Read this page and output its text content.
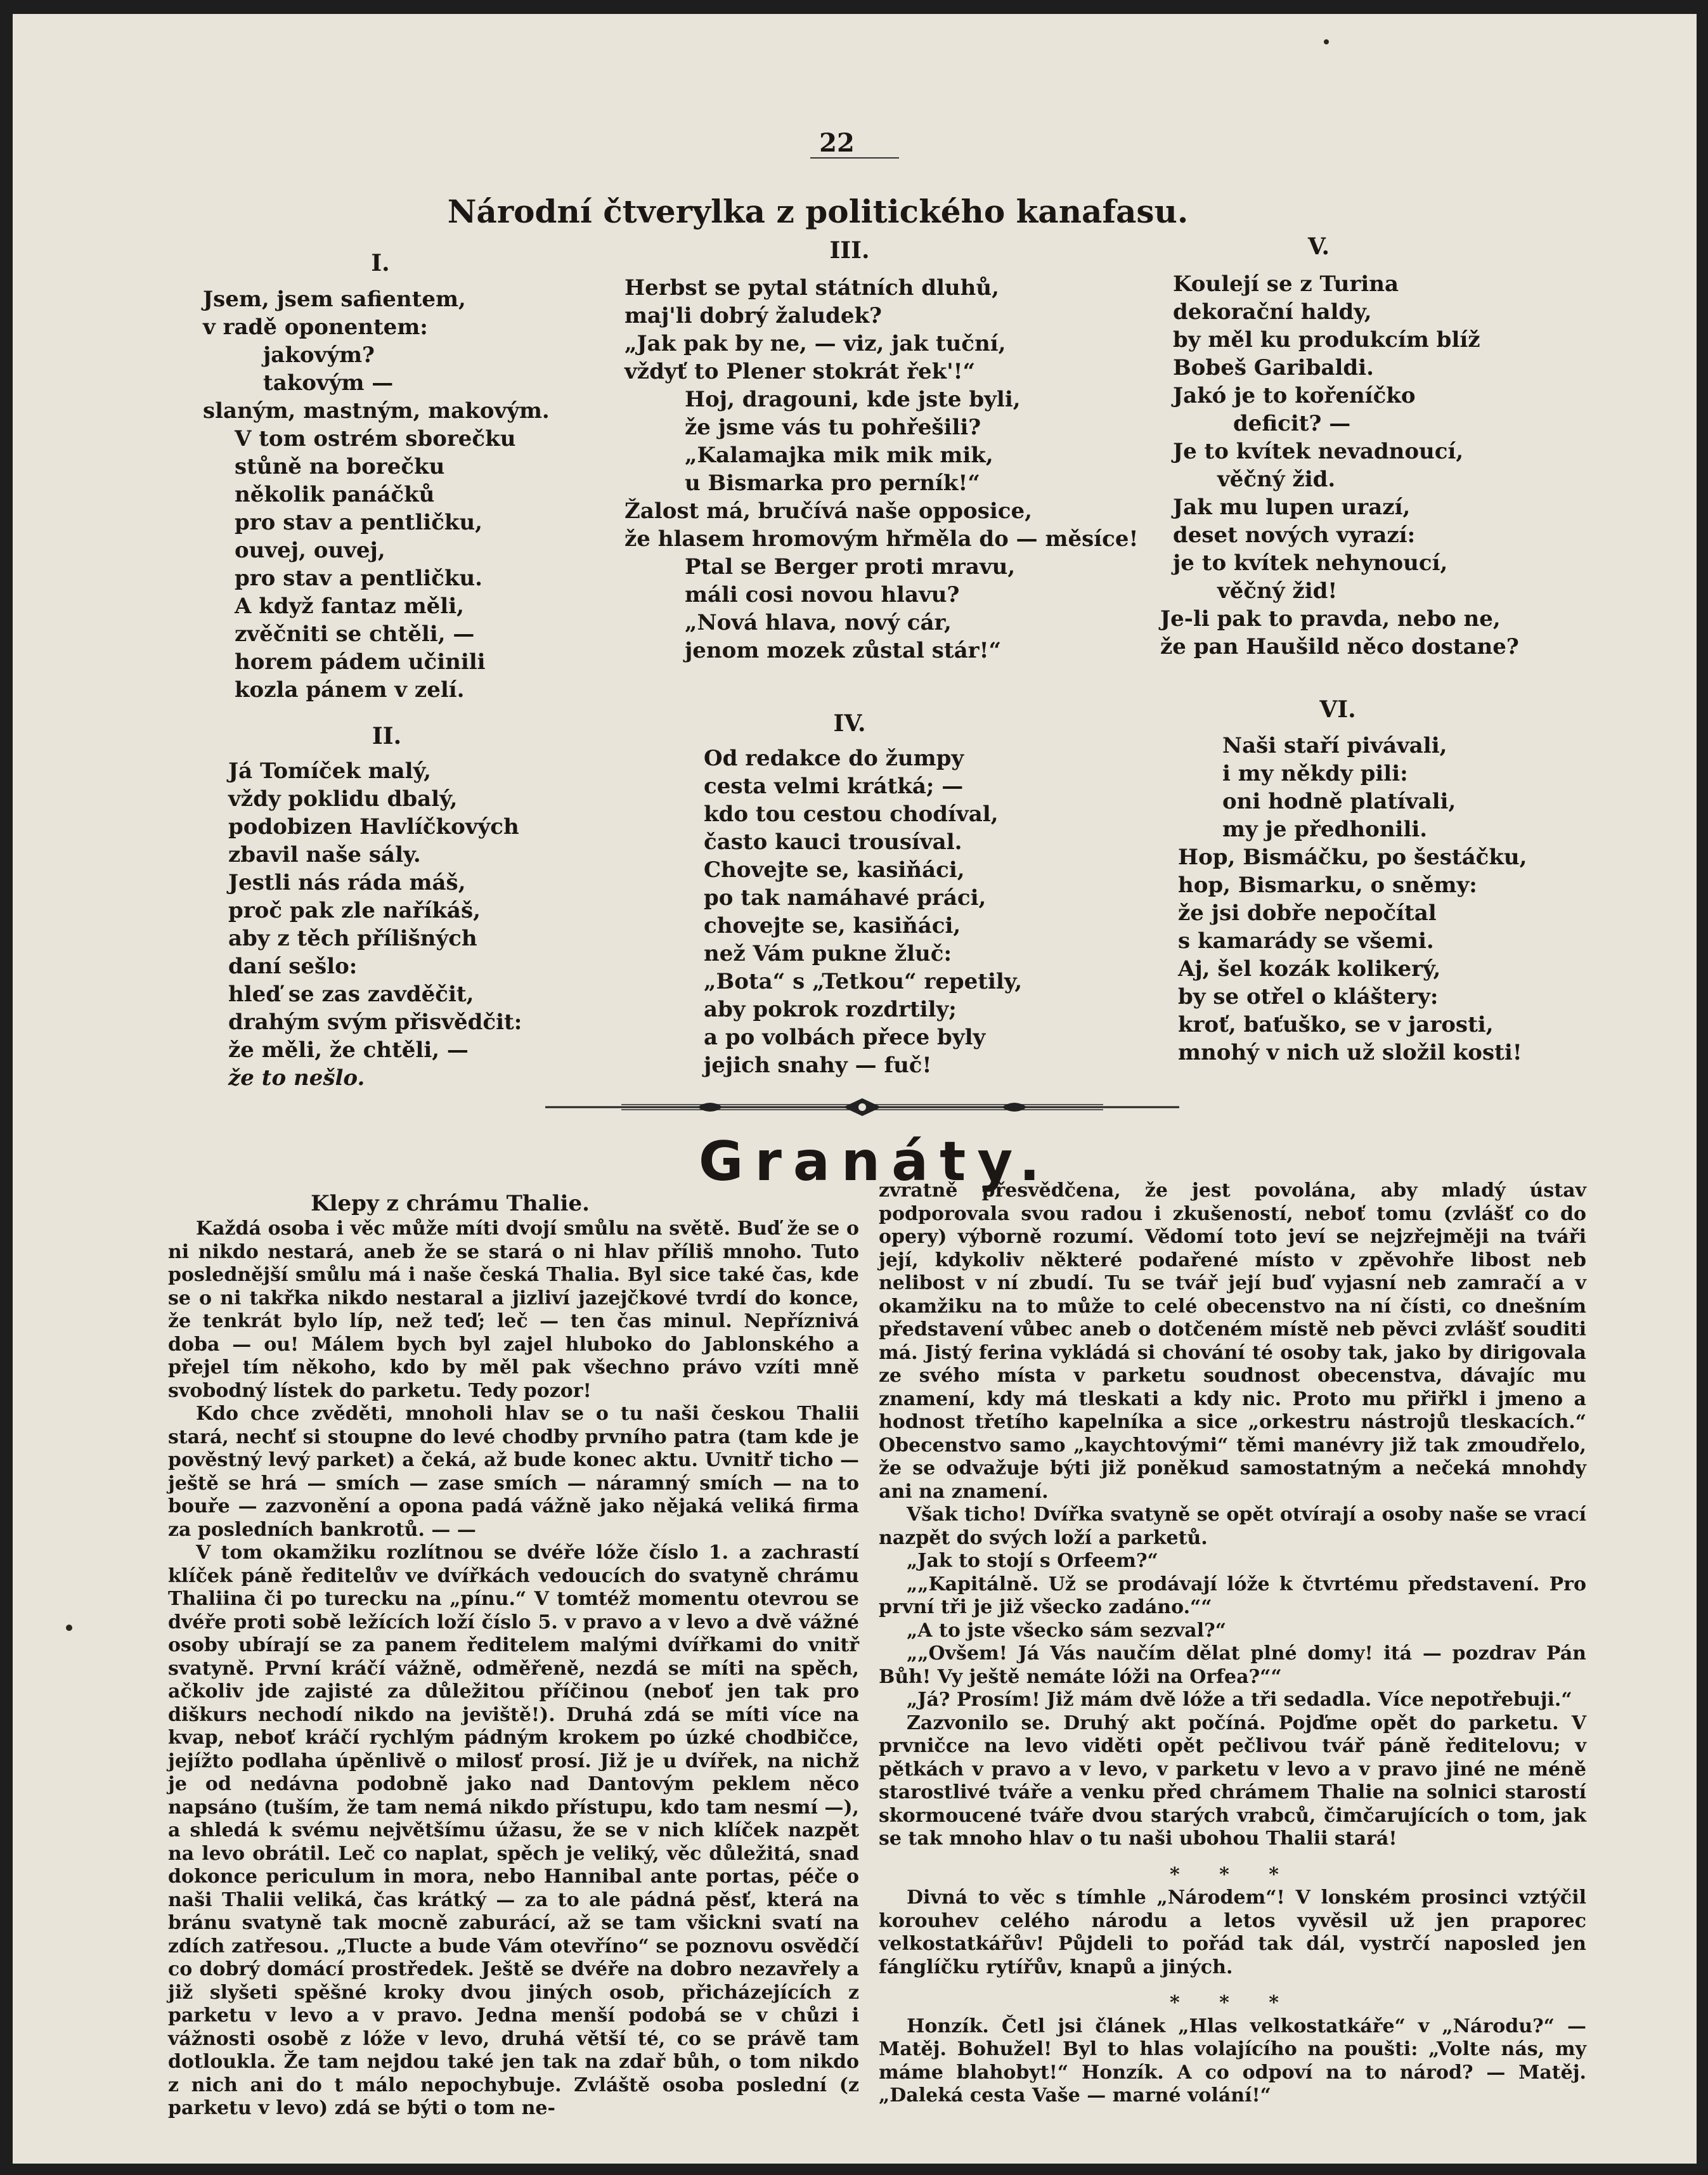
22
Národní čtverylka z politického kanafasu.
I.
Jsem, jsem safientem,
v radě oponentem:
jakovým?
takovým —
slaným, mastným, makovým.
V tom ostrém sborečku
stůně na borečku
několik panáčků
pro stav a pentličku,
ouvej, ouvej,
pro stav a pentličku.
A když fantaz měli,
zvěčniti se chtěli, —
horem pádem učinili
kozla pánem v zelí.
II.
Já Tomíček malý,
vždy poklidu dbalý,
podobizen Havlíčkových
zbavil naše sály.
Jestli nás ráda máš,
proč pak zle naříkáš,
aby z těch přílišných
daní sešlo:
hleď se zas zavděčit,
drahým svým přisvědčit:
že měli, že chtěli, —
že to nešlo.
III.
Herbst se pytal státních dluhů,
maj'li dobrý žaludek?
„Jak pak by ne, — viz, jak tuční,
vždyť to Plener stokrát řek'!“
Hoj, dragouni, kde jste byli,
že jsme vás tu pohřešili?
„Kalamajka mik mik mik,
u Bismarka pro perník!“
Žalost má, bručívá naše opposice,
že hlasem hromovým hřměla do — měsíce!
Ptal se Berger proti mravu,
máli cosi novou hlavu?
„Nová hlava, nový cár,
jenom mozek zůstal stár!“
IV.
Od redakce do žumpy
cesta velmi krátká; —
kdo tou cestou chodíval,
často kauci trousíval.
Chovejte se, kasiňáci,
po tak namáhavé práci,
chovejte se, kasiňáci,
než Vám pukne žluč:
„Bota“ s „Tetkou“ repetily,
aby pokrok rozdrtily;
a po volbách přece byly
jejich snahy — fuč!
V.
Koulejí se z Turina
dekorační haldy,
by měl ku produkcím blíž
Bobeš Garibaldi.
Jakó je to kořeníčko
deficit? —
Je to kvítek nevadnoucí,
věčný žid.
Jak mu lupen urazí,
deset nových vyrazí:
je to kvítek nehynoucí,
věčný žid!
Je-li pak to pravda, nebo ne,
že pan Haušild něco dostane?
VI.
Naši staří pivávali,
i my někdy pili:
oni hodně platívali,
my je předhonili.
Hop, Bismáčku, po šestáčku,
hop, Bismarku, o sněmy:
že jsi dobře nepočítal
s kamarády se všemi.
Aj, šel kozák kolikerý,
by se otřel o kláštery:
kroť, baťuško, se v jarosti,
mnohý v nich už složil kosti!
Granáty.
Klepy z chrámu Thalie.

Každá osoba i věc může míti dvojí smůlu na světě. Buď že se o ni nikdo nestará, aneb že se stará o ni hlav příliš mnoho. Tuto poslednější smůlu má i naše česká Thalia. Byl sice také čas, kde se o ni takřka nikdo nestaral a jizliví jazejčkové tvrdí do konce, že tenkrát bylo líp, než teď; leč — ten čas minul. Nepříznivá doba — ou! Málem bych byl zajel hluboko do Jablonského a přejel tím někoho, kdo by měl pak všechno právo vzíti mně svobodný lístek do parketu. Tedy pozor!

Kdo chce zvěděti, mnoholi hlav se o tu naši českou Thalii stará, nechť si stoupne do levé chodby prvního patra (tam kde je pověstný levý parket) a čeká, až bude konec aktu. Uvnitř ticho — ještě se hrá — smích — zase smích — náramný smích — na to bouře — zazvonění a opona padá vážně jako nějaká veliká firma za posledních bankrotů. — —

V tom okamžiku rozlítnou se dvéře lóže číslo 1. a zachrastí klíček páně ředitelův ve dvířkách vedoucích do svatyně chrámu Thaliina či po turecku na „pínu.“ V tomtéž momentu otevrou se dvéře proti sobě ležících loží číslo 5. v pravo a v levo a dvě vážné osoby ubírají se za panem ředitelem malými dvířkami do vnitř svatyně. První kráčí vážně, odměřeně, nezdá se míti na spěch, ačkoliv jde zajisté za důležitou příčinou (neboť jen tak pro diškurs nechodí nikdo na jeviště!). Druhá zdá se míti více na kvap, neboť kráčí rychlým pádným krokem po úzké chodbičce, jejížto podlaha úpěnlivě o milosť prosí. Již je u dvířek, na nichž je od nedávna podobně jako nad Dantovým peklem něco napsáno (tuším, že tam nemá nikdo přístupu, kdo tam nesmí —), a shledá k svému největšímu úžasu, že se v nich klíček nazpět na levo obrátil. Leč co naplat, spěch je veliký, věc důležitá, snad dokonce periculum in mora, nebo Hannibal ante portas, péče o naši Thalii veliká, čas krátký — za to ale pádná pěsť, která na bránu svatyně tak mocně zaburácí, až se tam všickni svatí na zdích zatřesou. „Tlucte a bude Vám otevříno“ se poznovu osvědčí co dobrý domácí prostředek. Ještě se dvéře na dobro nezavřely a již slyšeti spěšné kroky dvou jiných osob, přicházejících z parketu v levo a v pravo. Jedna menší podobá se v chůzi i vážnosti osobě z lóže v levo, druhá větší té, co se právě tam dotloukla. Že tam nejdou také jen tak na zdař bůh, o tom nikdo z nich ani do t málo nepochybuje. Zvláště osoba poslední (z parketu v levo) zdá se býti o tom ne-

zvratně přesvědčena, že jest povolána, aby mladý ústav podporovala svou radou i zkušeností, neboť tomu (zvlášť co do opery) výborně rozumí. Vědomí toto jeví se nejzřejměji na tváři její, kdykoliv některé podařené místo v zpěvohře libost neb nelibost v ní zbudí. Tu se tvář její buď vyjasní neb zamračí a v okamžiku na to může to celé obecenstvo na ní čísti, co dnešním představení vůbec aneb o dotčeném místě neb pěvci zvlášť souditi má. Jistý ferina vykládá si chování té osoby tak, jako by dirigovala ze svého místa v parketu soudnost obecenstva, dávajíc mu znamení, kdy má tleskati a kdy nic. Proto mu přiřkl i jmeno a hodnost třetího kapelníka a sice „orkestru nástrojů tleskacích.“ Obecenstvo samo „kaychtovými“ těmi manévry již tak zmoudřelo, že se odvažuje býti již poněkud samostatným a nečeká mnohdy ani na znamení.

Však ticho! Dvířka svatyně se opět otvírají a osoby naše se vrací nazpět do svých loží a parketů.

„Jak to stojí s Orfeem?“

„„Kapitálně. Už se prodávají lóže k čtvrtému představení. Pro první tři je již všecko zadáno.““

„A to jste všecko sám sezval?“

„„Ovšem! Já Vás naučím dělat plné domy! itá — pozdrav Pán Bůh! Vy ještě nemáte lóži na Orfea?““

„Já? Prosím! Již mám dvě lóže a tři sedadla. Více nepotřebuji.“

Zazvonilo se. Druhý akt počíná. Pojďme opět do parketu. V prvničce na levo viděti opět pečlivou tvář páně ředitelovu; v pětkách v pravo a v levo, v parketu v levo a v pravo jiné ne méně starostlivé tváře a venku před chrámem Thalie na solnici starostí skormoucené tváře dvou starých vrabců, čimčarujících o tom, jak se tak mnoho hlav o tu naši ubohou Thalii stará!

* * *

Divná to věc s tímhle „Národem“! V lonském prosinci vztýčil korouhev celého národu a letos vyvěsil už jen praporec velkostatkářův! Půjdeli to pořád tak dál, vystrčí naposled jen fánglíčku rytířův, knapů a jiných.

* * *

Honzík. Četl jsi článek „Hlas velkostatkáře“ v „Národu?“ — Matěj. Bohužel! Byl to hlas volajícího na poušti: „Volte nás, my máme blahobyt!“ Honzík. A co odpoví na to národ? — Matěj. „Daleká cesta Vaše — marné volání!“
